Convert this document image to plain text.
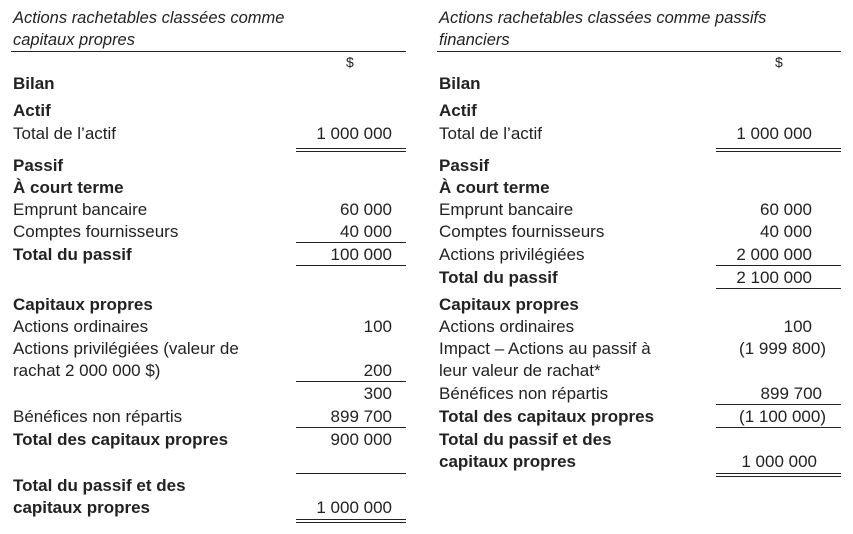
Actions rachetables classées comme
capitaux propres
$
Bilan
Actif
Total de l’actif	1 000 000
Passif
À court terme
Emprunt bancaire	60 000
Comptes fournisseurs	40 000
Total du passif	100 000
Capitaux propres
Actions ordinaires	100
Actions privilégiées (valeur de
rachat 2 000 000 $)	200
300
Bénéfices non répartis	899 700
Total des capitaux propres	900 000
Total du passif et des
capitaux propres	1 000 000
Actions rachetables classées comme passifs
financiers
$
Bilan
Actif
Total de l’actif	1 000 000
Passif
À court terme
Emprunt bancaire	60 000
Comptes fournisseurs	40 000
Actions privilégiées	2 000 000
Total du passif	2 100 000
Capitaux propres
Actions ordinaires	100
Impact – Actions au passif à	(1 999 800)
leur valeur de rachat*
Bénéfices non répartis	899 700
Total des capitaux propres	(1 100 000)
Total du passif et des
capitaux propres	1 000 000
